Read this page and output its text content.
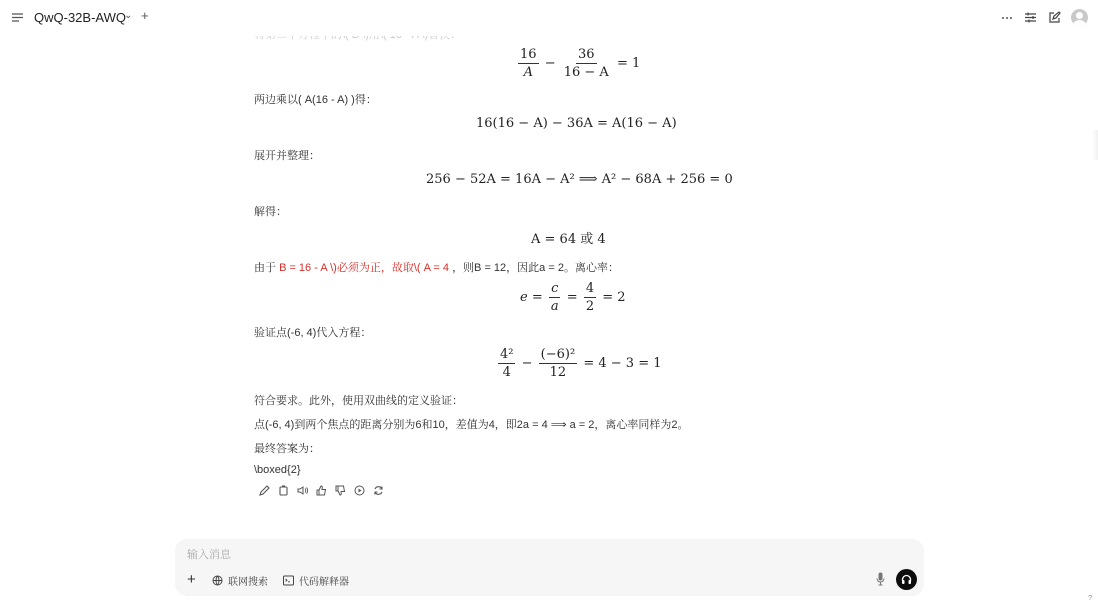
QwQ-32B-AWQ
⌄ +
$\frac{16}{A} - \frac{36}{16 - A} = 1$
两边乘以( A(16 - A) )得：
16(16 − A) − 36A = A(16 − A)
展开并整理：
256 − 52A = 16A − A² ⟹ A² − 68A + 256 = 0
解得：
A = 64 或 4
由于 B = 16 - A \)必须为正，故取\( A = 4 ，则B = 12，因此a = 2。离心率：
$e = \frac{c}{a} = \frac{4}{2} = 2$
验证点(-6, 4)代入方程：
$\frac{\text{4²}}{4} - \frac{\text{(−6)²}}{12} = 4 - 3 = 1$
符合要求。此外，使用双曲线的定义验证：
点(-6, 4)到两个焦点的距离分别为6和10，差值为4，即2a = 4 ⟹ a = 2，离心率同样为2。
最终答案为：
\boxed{2}
输入消息
+	联网搜索	代码解释器
?
